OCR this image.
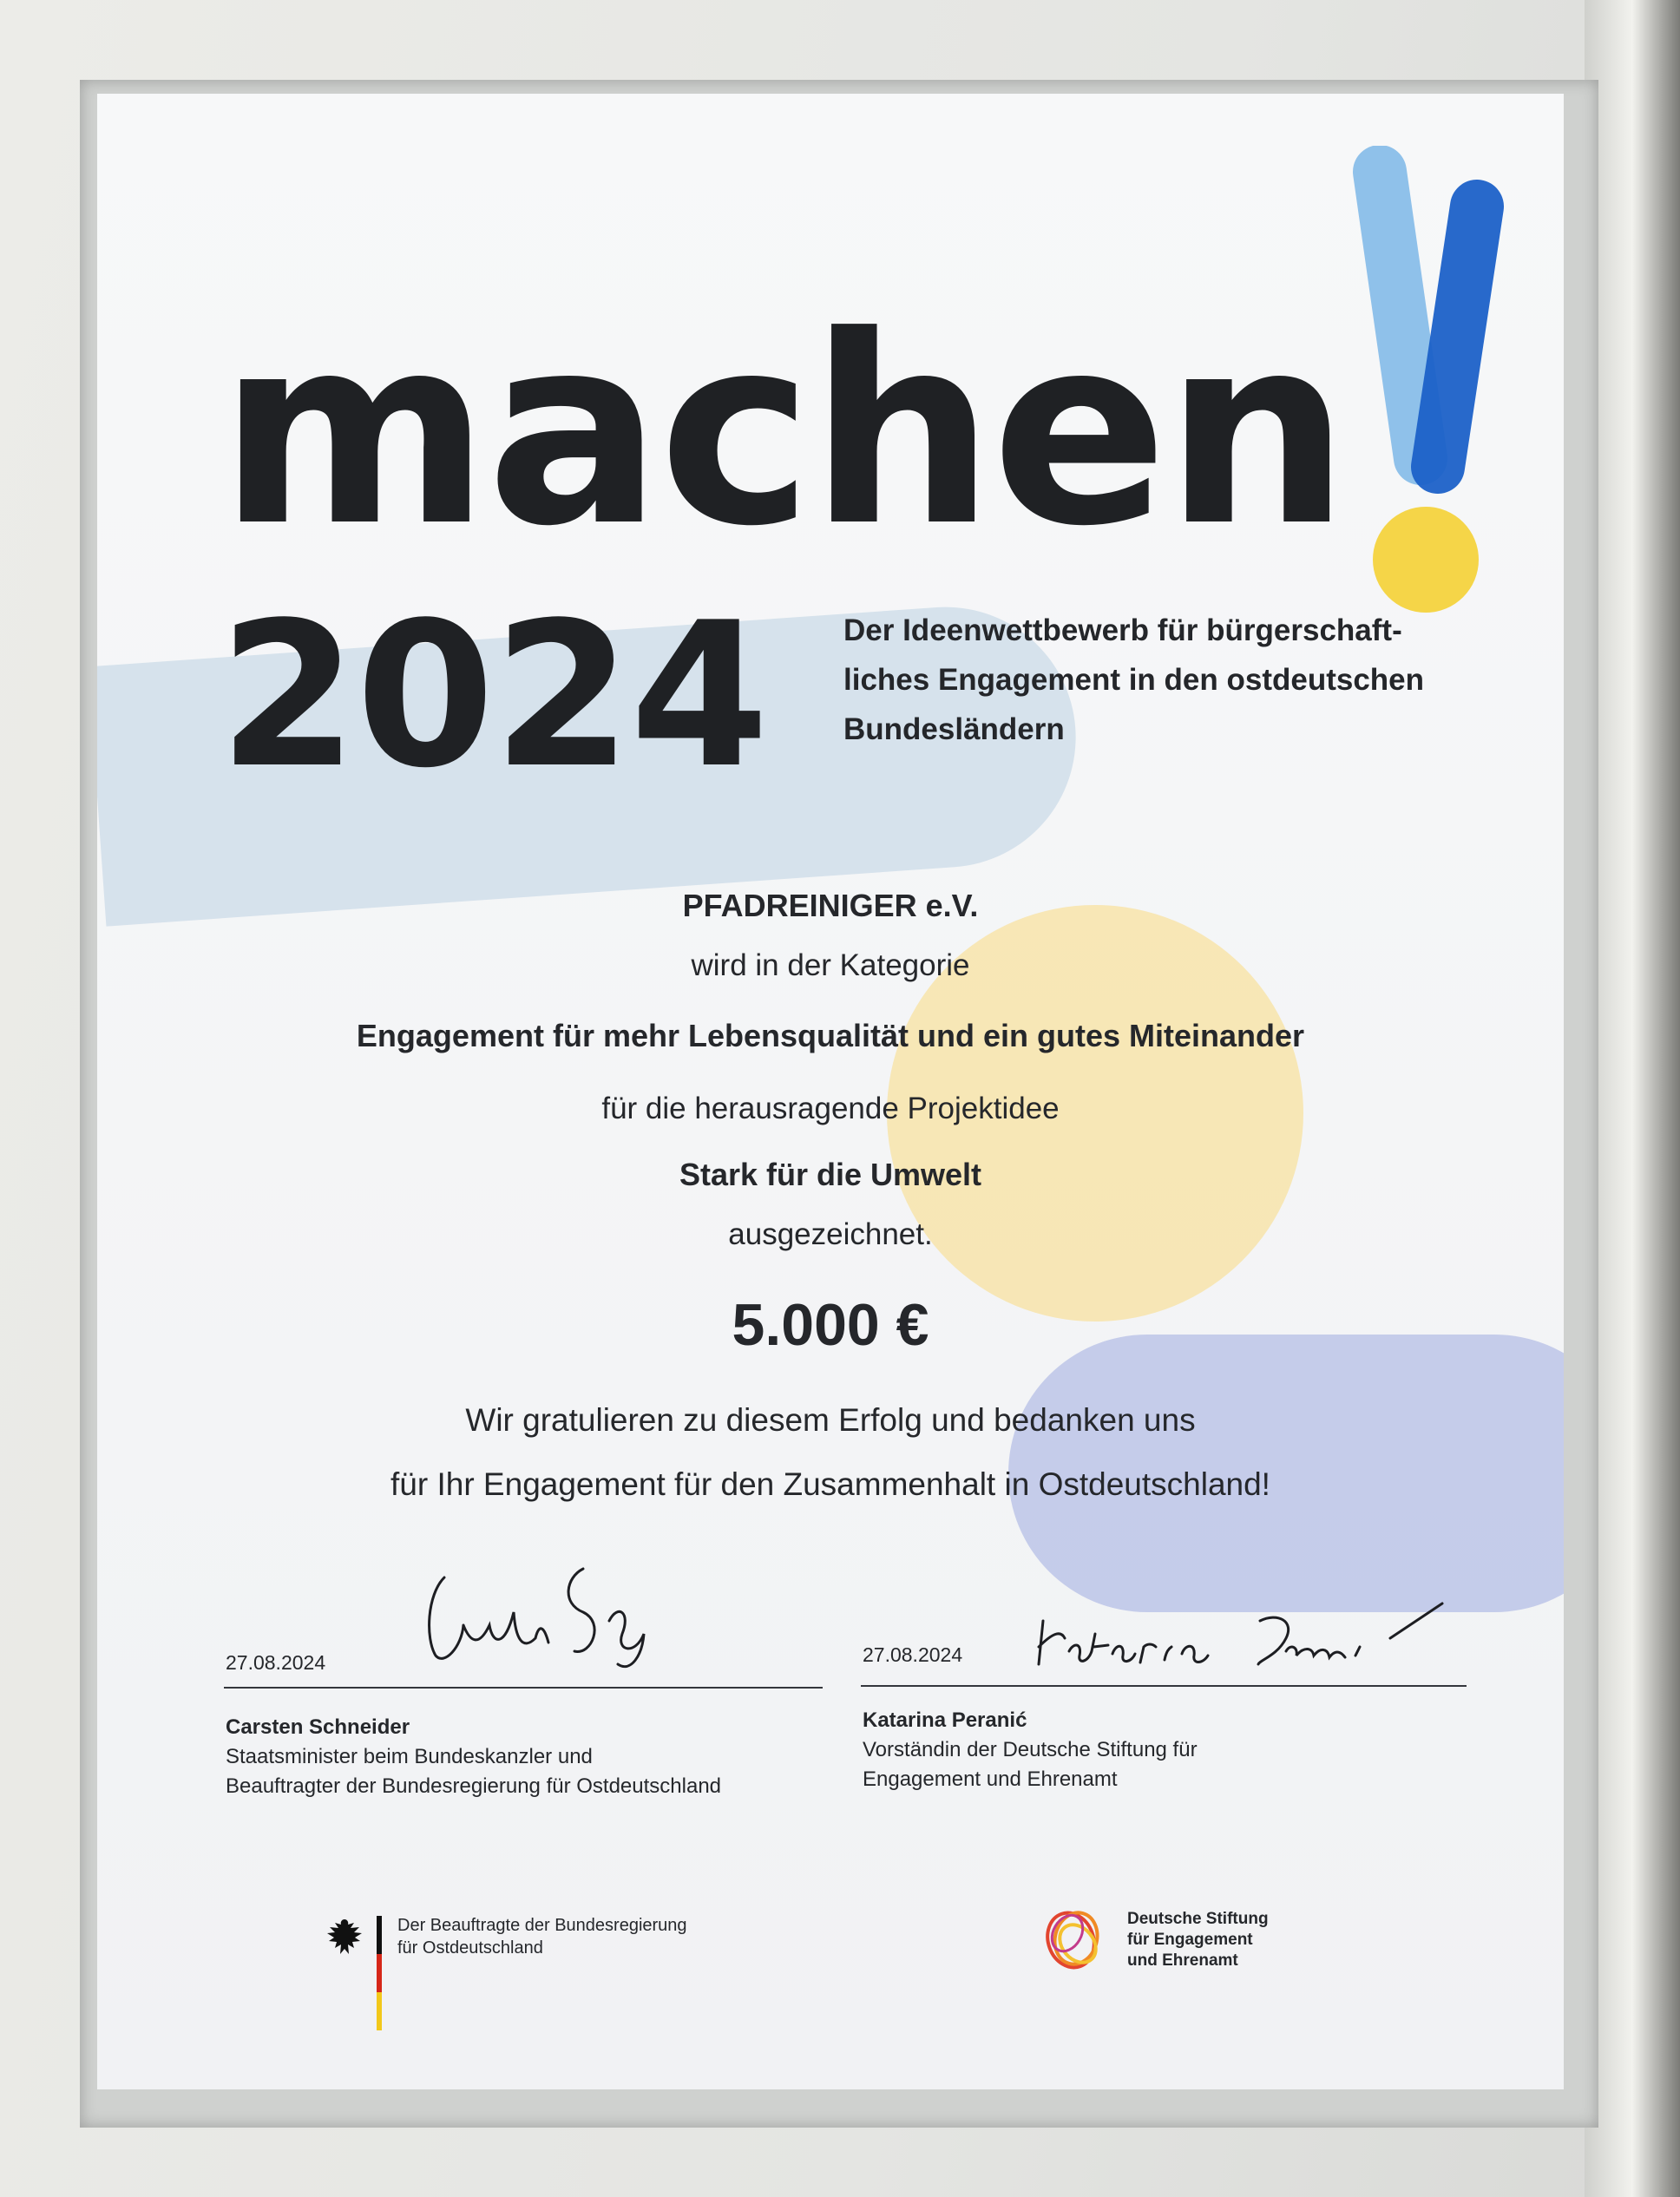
machen
2024	Der Ideenwettbewerb für bürgerschaft-
liches Engagement in den ostdeutschen
Bundesländern
PFADREINIGER e.V.
wird in der Kategorie
Engagement für mehr Lebensqualität und ein gutes Miteinander
für die herausragende Projektidee
Stark für die Umwelt
ausgezeichnet.
5.000 €
Wir gratulieren zu diesem Erfolg und bedanken uns
für Ihr Engagement für den Zusammenhalt in Ostdeutschland!
27.08.2024
Carsten Schneider
Staatsminister beim Bundeskanzler und
Beauftragter der Bundesregierung für Ostdeutschland
27.08.2024
Katarina Peranić
Vorständin der Deutsche Stiftung für
Engagement und Ehrenamt
Der Beauftragte der Bundesregierung
für Ostdeutschland
Deutsche Stiftung
für Engagement
und Ehrenamt
